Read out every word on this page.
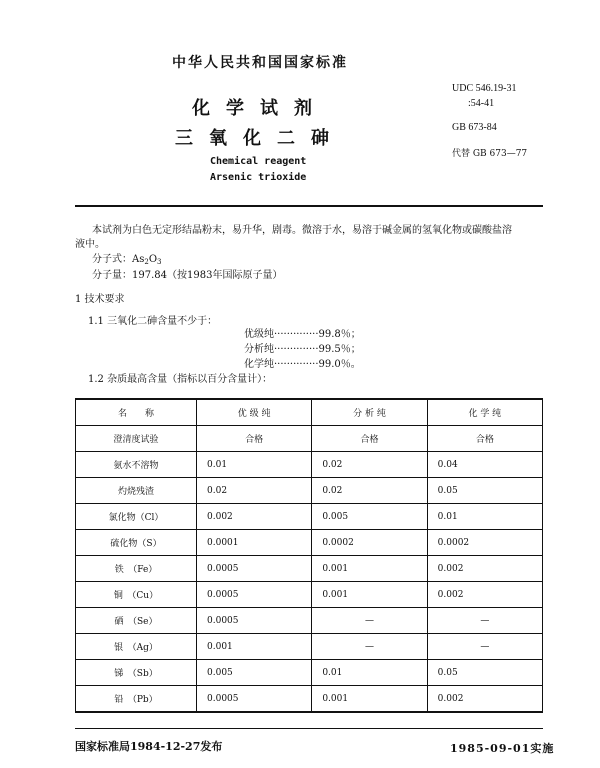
中华人民共和国国家标准
化学试剂
三氧化二砷
Chemical reagent
Arsenic trioxide
UDC 546.19-31
:54-41
GB 673-84
代替 GB 673—77
本试剂为白色无定形结晶粉末，易升华，剧毒。微溶于水，易溶于碱金属的氢氧化物或碳酸盐溶
液中。
分子式：$As_2O_3$
分子量：197.84（按1983年国际原子量）
1 技术要求
1.1 三氧化二砷含量不少于：
优级纯··············99.8％；
分析纯··············99.5％；
化学纯··············99.0％。
1.2 杂质最高含量（指标以百分含量计）：
名　　称	优 级 纯	分 析 纯	化 学 纯
澄清度试验	合格	合格	合格
氨水不溶物	0.01	0.02	0.04
灼烧残渣	0.02	0.02	0.05
氯化物（Cl）	0.002	0.005	0.01
硫化物（S）	0.0001	0.0002	0.0002
铁　（Fe）	0.0005	0.001	0.002
铜　（Cu）	0.0005	0.001	0.002
硒　（Se）	0.0005	—	—
银　（Ag）	0.001	—	—
锑　（Sb）	0.005	0.01	0.05
铅　（Pb）	0.0005	0.001	0.002
国家标准局1984-12-27发布	1985-09-01实施
